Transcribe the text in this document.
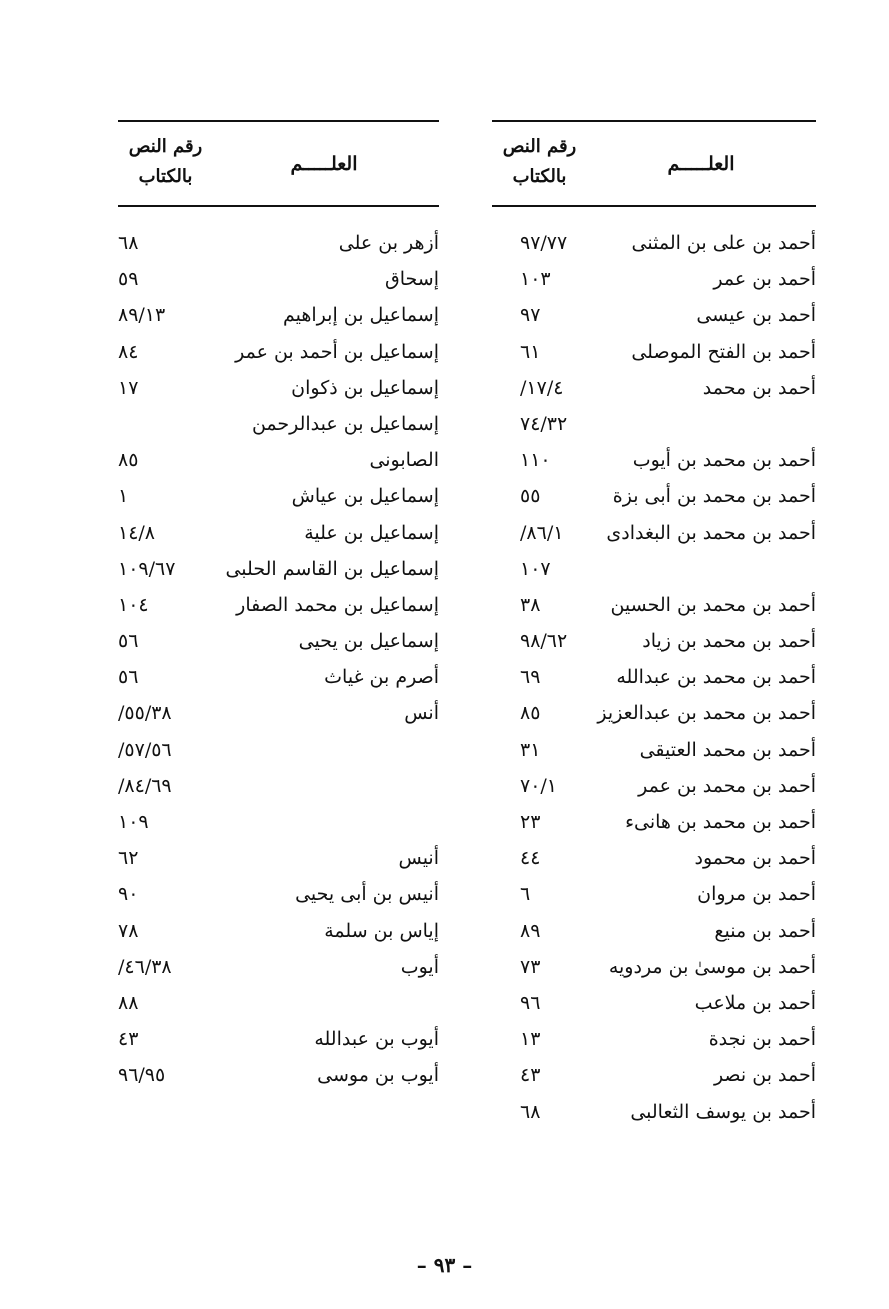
العلـــــم
رقم النص
بالكتاب
أحمد بن على بن المثنى
٩٧/٧٧
أحمد بن عمر
١٠٣
أحمد بن عيسى
٩٧
أحمد بن الفتح الموصلى
٦١
أحمد بن محمد
/١٧/٤
٧٤/٣٢
أحمد بن محمد بن أيوب
١١٠
أحمد بن محمد بن أبى بزة
٥٥
أحمد بن محمد بن البغدادى
/٨٦/١
١٠٧
أحمد بن محمد بن الحسين
٣٨
أحمد بن محمد بن زياد
٩٨/٦٢
أحمد بن محمد بن عبدالله
٦٩
أحمد بن محمد بن عبدالعزيز
٨٥
أحمد بن محمد العتيقى
٣١
أحمد بن محمد بن عمر
٧٠/١
أحمد بن محمد بن هانىء
٢٣
أحمد بن محمود
٤٤
أحمد بن مروان
٦
أحمد بن منيع
٨٩
أحمد بن موسىٰ بن مردويه
٧٣
أحمد بن ملاعب
٩٦
أحمد بن نجدة
١٣
أحمد بن نصر
٤٣
أحمد بن يوسف الثعالبى
٦٨
العلـــــم
رقم النص
بالكتاب
أزهر بن على
٦٨
إسحاق
٥٩
إسماعيل بن إبراهيم
٨٩/١٣
إسماعيل بن أحمد بن عمر
٨٤
إسماعيل بن ذكوان
١٧
إسماعيل بن عبدالرحمن
الصابونى
٨٥
إسماعيل بن عياش
١
إسماعيل بن علية
١٤/٨
إسماعيل بن القاسم الحلبى
١٠٩/٦٧
إسماعيل بن محمد الصفار
١٠٤
إسماعيل بن يحيى
٥٦
أصرم بن غياث
٥٦
أنس
/٥٥/٣٨
/٥٧/٥٦
/٨٤/٦٩
١٠٩
أنيس
٦٢
أنيس بن أبى يحيى
٩٠
إياس بن سلمة
٧٨
أيوب
/٤٦/٣٨
٨٨
أيوب بن عبدالله
٤٣
أيوب بن موسى
٩٦/٩٥
– ٩٣ –
